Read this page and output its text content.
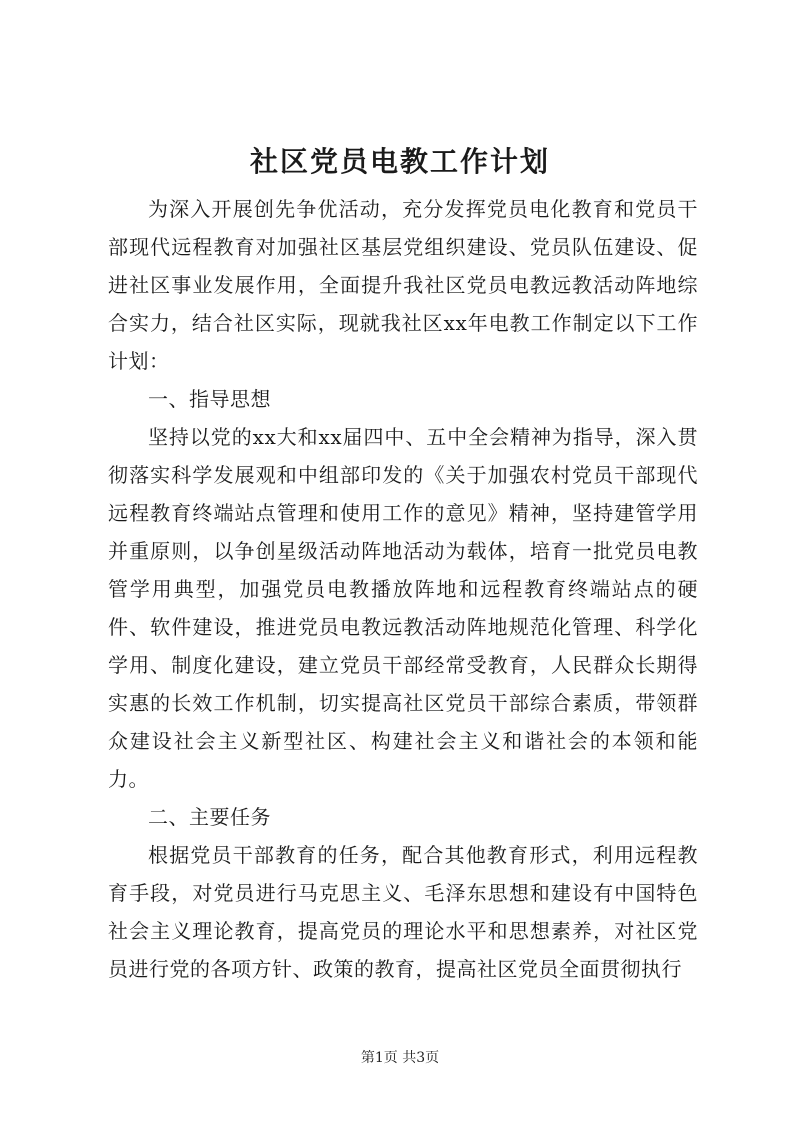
社区党员电教工作计划

为深入开展创先争优活动，充分发挥党员电化教育和党员干部现代远程教育对加强社区基层党组织建设、党员队伍建设、促进社区事业发展作用，全面提升我社区党员电教远教活动阵地综合实力，结合社区实际，现就我社区xx年电教工作制定以下工作计划：

一、指导思想

坚持以党的xx大和xx届四中、五中全会精神为指导，深入贯彻落实科学发展观和中组部印发的《关于加强农村党员干部现代远程教育终端站点管理和使用工作的意见》精神，坚持建管学用并重原则，以争创星级活动阵地活动为载体，培育一批党员电教管学用典型，加强党员电教播放阵地和远程教育终端站点的硬件、软件建设，推进党员电教远教活动阵地规范化管理、科学化学用、制度化建设，建立党员干部经常受教育，人民群众长期得实惠的长效工作机制，切实提高社区党员干部综合素质，带领群众建设社会主义新型社区、构建社会主义和谐社会的本领和能力。

二、主要任务

根据党员干部教育的任务，配合其他教育形式，利用远程教育手段，对党员进行马克思主义、毛泽东思想和建设有中国特色社会主义理论教育，提高党员的理论水平和思想素养，对社区党员进行党的各项方针、政策的教育，提高社区党员全面贯彻执行

第1页 共3页
